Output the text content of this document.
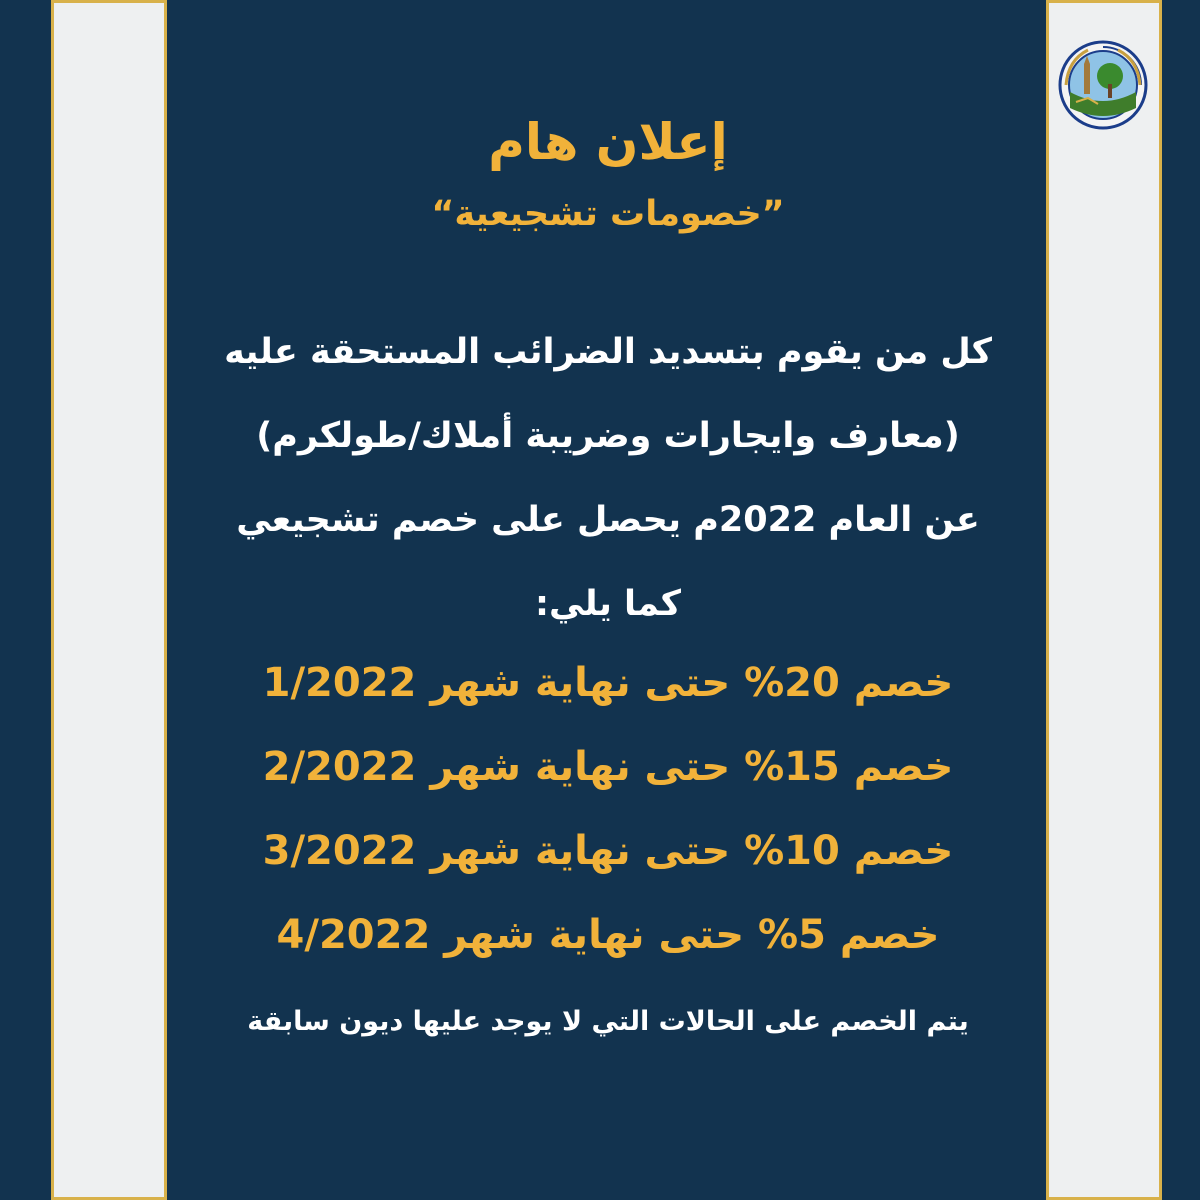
إعلان هام
”خصومات تشجيعية“
كل من يقوم بتسديد الضرائب المستحقة عليه
(معارف وايجارات وضريبة أملاك/طولكرم)
عن العام 2022م يحصل على خصم تشجيعي
كما يلي:
خصم 20% حتى نهاية شهر 1/2022
خصم 15% حتى نهاية شهر 2/2022
خصم 10% حتى نهاية شهر 3/2022
خصم 5% حتى نهاية شهر 4/2022
يتم الخصم على الحالات التي لا يوجد عليها ديون سابقة
